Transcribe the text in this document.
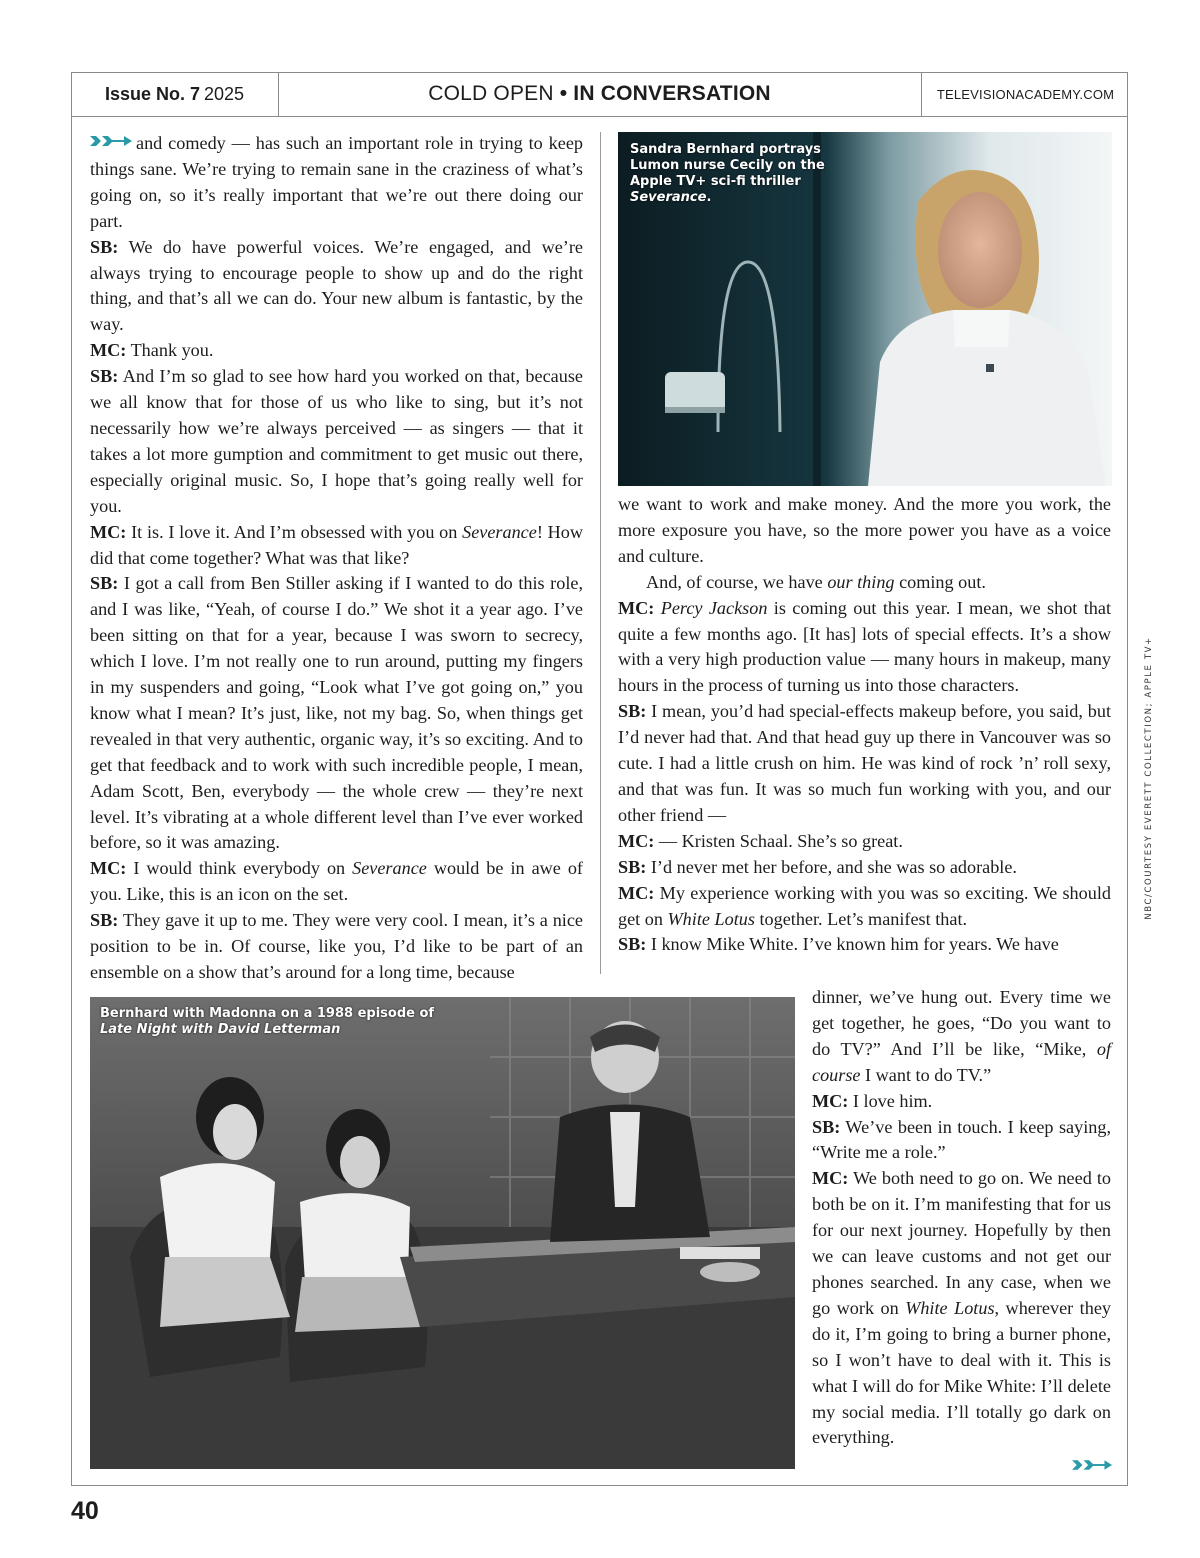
Issue No. 7 2025	COLD OPEN • IN CONVERSATION	TELEVISIONACADEMY.COM

and comedy — has such an important role in trying to keep things sane. We’re trying to remain sane in the craziness of what’s going on, so it’s really important that we’re out there doing our part.

SB: We do have powerful voices. We’re engaged, and we’re always trying to encourage people to show up and do the right thing, and that’s all we can do. Your new album is fantastic, by the way.

MC: Thank you.

SB: And I’m so glad to see how hard you worked on that, because we all know that for those of us who like to sing, but it’s not necessarily how we’re always perceived — as singers — that it takes a lot more gumption and commitment to get music out there, especially original music. So, I hope that’s going really well for you.

MC: It is. I love it. And I’m obsessed with you on Severance! How did that come together? What was that like?

SB: I got a call from Ben Stiller asking if I wanted to do this role, and I was like, “Yeah, of course I do.” We shot it a year ago. I’ve been sitting on that for a year, because I was sworn to secrecy, which I love. I’m not really one to run around, putting my fingers in my suspenders and going, “Look what I’ve got going on,” you know what I mean? It’s just, like, not my bag. So, when things get revealed in that very authentic, organic way, it’s so exciting. And to get that feedback and to work with such incredible people, I mean, Adam Scott, Ben, everybody — the whole crew — they’re next level. It’s vibrating at a whole different level than I’ve ever worked before, so it was amazing.

MC: I would think everybody on Severance would be in awe of you. Like, this is an icon on the set.

SB: They gave it up to me. They were very cool. I mean, it’s a nice position to be in. Of course, like you, I’d like to be part of an ensemble on a show that’s around for a long time, because

Sandra Bernhard portrays Lumon nurse Cecily on the Apple TV+ sci-fi thriller Severance.

we want to work and make money. And the more you work, the more exposure you have, so the more power you have as a voice and culture.

And, of course, we have our thing coming out.

MC: Percy Jackson is coming out this year. I mean, we shot that quite a few months ago. [It has] lots of special effects. It’s a show with a very high production value — many hours in makeup, many hours in the process of turning us into those characters.

SB: I mean, you’d had special-effects makeup before, you said, but I’d never had that. And that head guy up there in Vancouver was so cute. I had a little crush on him. He was kind of rock ’n’ roll sexy, and that was fun. It was so much fun working with you, and our other friend —

MC: — Kristen Schaal. She’s so great.

SB: I’d never met her before, and she was so adorable.

MC: My experience working with you was so exciting. We should get on White Lotus together. Let’s manifest that.

SB: I know Mike White. I’ve known him for years. We have

Bernhard with Madonna on a 1988 episode of
Late Night with David Letterman

dinner, we’ve hung out. Every time we get together, he goes, “Do you want to do TV?” And I’ll be like, “Mike, of course I want to do TV.”

MC: I love him.

SB: We’ve been in touch. I keep saying, “Write me a role.”

MC: We both need to go on. We need to both be on it. I’m manifesting that for us for our next journey. Hopefully by then we can leave customs and not get our phones searched. In any case, when we go work on White Lotus, wherever they do it, I’m going to bring a burner phone, so I won’t have to deal with it. This is what I will do for Mike White: I’ll delete my social media. I’ll totally go dark on everything.

NBC/COURTESY EVERETT COLLECTION; APPLE TV+
40
